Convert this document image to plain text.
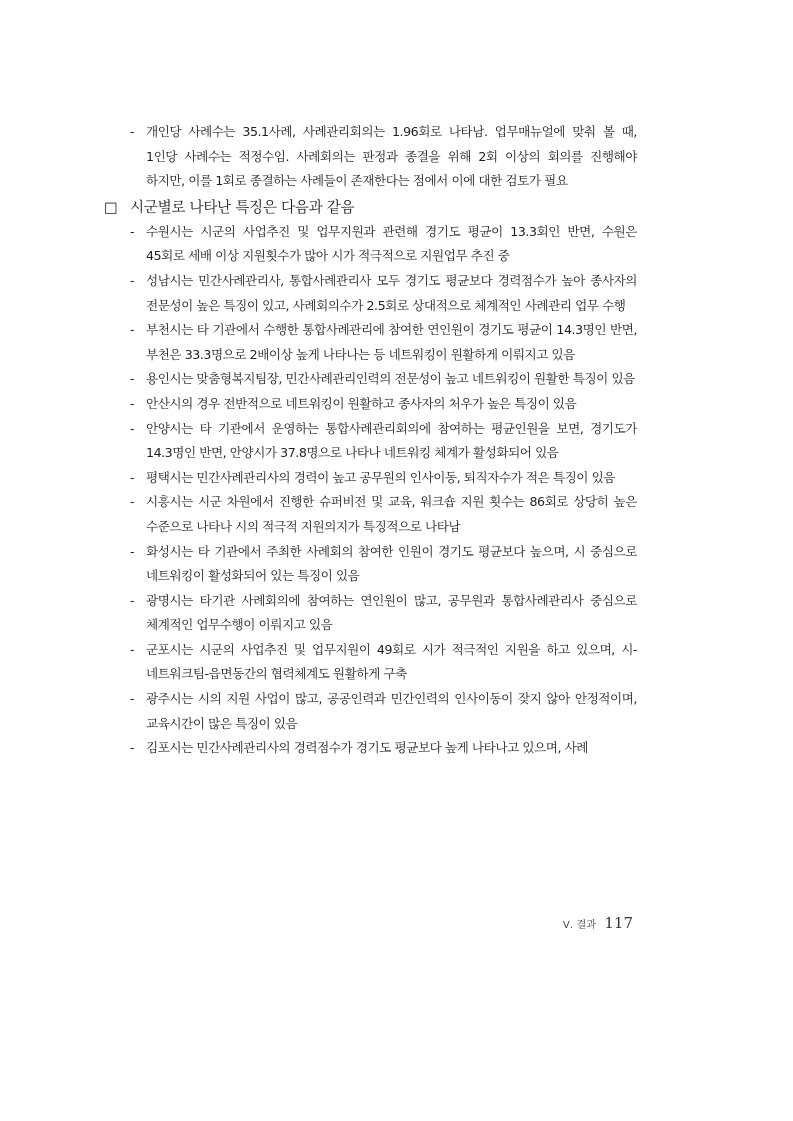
- 개인당 사례수는 35.1사례, 사례관리회의는 1.96회로 나타남. 업무매뉴얼에 맞춰 볼 때, 1인당 사례수는 적정수임. 사례회의는 판정과 종결을 위해 2회 이상의 회의를 진행해야 하지만, 이를 1회로 종결하는 사례들이 존재한다는 점에서 이에 대한 검토가 필요
□ 시군별로 나타난 특징은 다음과 같음
- 수원시는 시군의 사업추진 및 업무지원과 관련해 경기도 평균이 13.3회인 반면, 수원은 45회로 세배 이상 지원횟수가 많아 시가 적극적으로 지원업무 추진 중
- 성남시는 민간사례관리사, 통합사례관리사 모두 경기도 평균보다 경력점수가 높아 종사자의 전문성이 높은 특징이 있고, 사례회의수가 2.5회로 상대적으로 체계적인 사례관리 업무 수행
- 부천시는 타 기관에서 수행한 통합사례관리에 참여한 연인원이 경기도 평균이 14.3명인 반면, 부천은 33.3명으로 2배이상 높게 나타나는 등 네트워킹이 원활하게 이뤄지고 있음
- 용인시는 맞춤형복지팀장, 민간사례관리인력의 전문성이 높고 네트워킹이 원활한 특징이 있음
- 안산시의 경우 전반적으로 네트워킹이 원활하고 종사자의 처우가 높은 특징이 있음
- 안양시는 타 기관에서 운영하는 통합사례관리회의에 참여하는 평균인원을 보면, 경기도가 14.3명인 반면, 안양시가 37.8명으로 나타나 네트워킹 체계가 활성화되어 있음
- 평택시는 민간사례관리사의 경력이 높고 공무원의 인사이동, 퇴직자수가 적은 특징이 있음
- 시흥시는 시군 차원에서 진행한 슈퍼비전 및 교육, 워크숍 지원 횟수는 86회로 상당히 높은 수준으로 나타나 시의 적극적 지원의지가 특징적으로 나타남
- 화성시는 타 기관에서 주최한 사례회의 참여한 인원이 경기도 평균보다 높으며, 시 중심으로 네트워킹이 활성화되어 있는 특징이 있음
- 광명시는 타기관 사례회의에 참여하는 연인원이 많고, 공무원과 통합사례관리사 중심으로 체계적인 업무수행이 이뤄지고 있음
- 군포시는 시군의 사업추진 및 업무지원이 49회로 시가 적극적인 지원을 하고 있으며, 시-네트워크팀-읍면동간의 협력체계도 원활하게 구축
- 광주시는 시의 지원 사업이 많고, 공공인력과 민간인력의 인사이동이 잦지 않아 안정적이며, 교육시간이 많은 특징이 있음
- 김포시는 민간사례관리사의 경력점수가 경기도 평균보다 높게 나타나고 있으며, 사례
Ⅴ. 결과 117
